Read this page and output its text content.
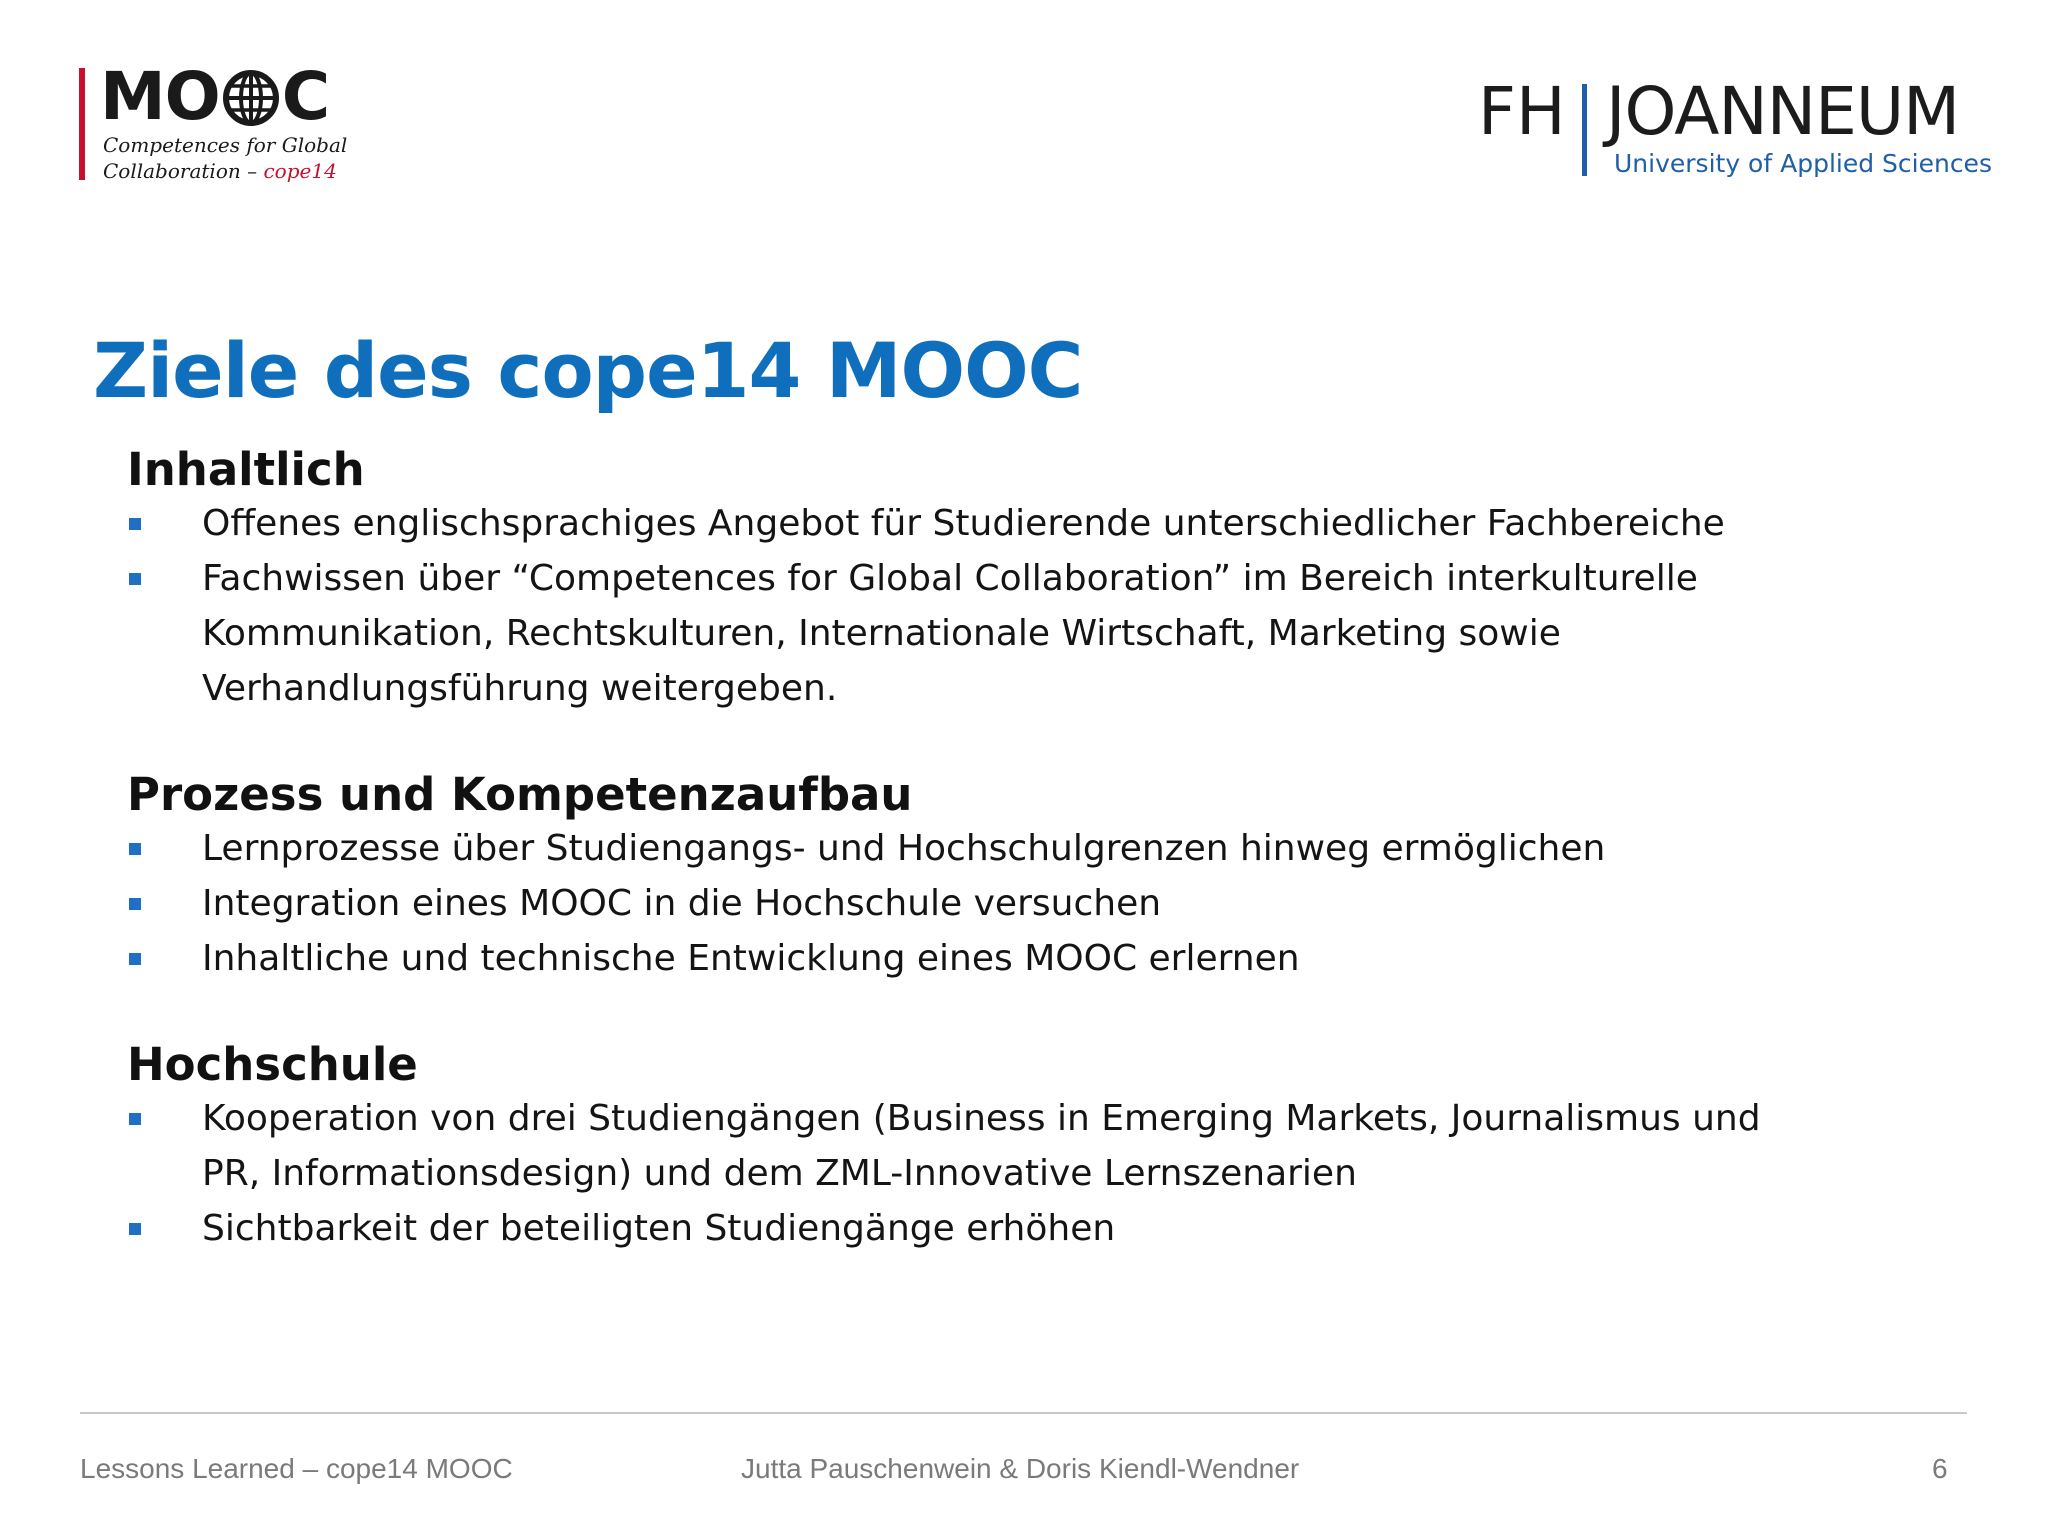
MO C
Competences for Global
Collaboration – cope14
FH JOANNEUM
University of Applied Sciences
Ziele des cope14 MOOC
Inhaltlich
Offenes englischsprachiges Angebot für Studierende unterschiedlicher Fachbereiche
Fachwissen über “Competences for Global Collaboration” im Bereich interkulturelle
Kommunikation, Rechtskulturen, Internationale Wirtschaft, Marketing sowie
Verhandlungsführung weitergeben.
Prozess und Kompetenzaufbau
Lernprozesse über Studiengangs- und Hochschulgrenzen hinweg ermöglichen
Integration eines MOOC in die Hochschule versuchen
Inhaltliche und technische Entwicklung eines MOOC erlernen
Hochschule
Kooperation von drei Studiengängen (Business in Emerging Markets, Journalismus und
PR, Informationsdesign) und dem ZML-Innovative Lernszenarien
Sichtbarkeit der beteiligten Studiengänge erhöhen
Lessons Learned – cope14 MOOC	Jutta Pauschenwein & Doris Kiendl-Wendner	6
